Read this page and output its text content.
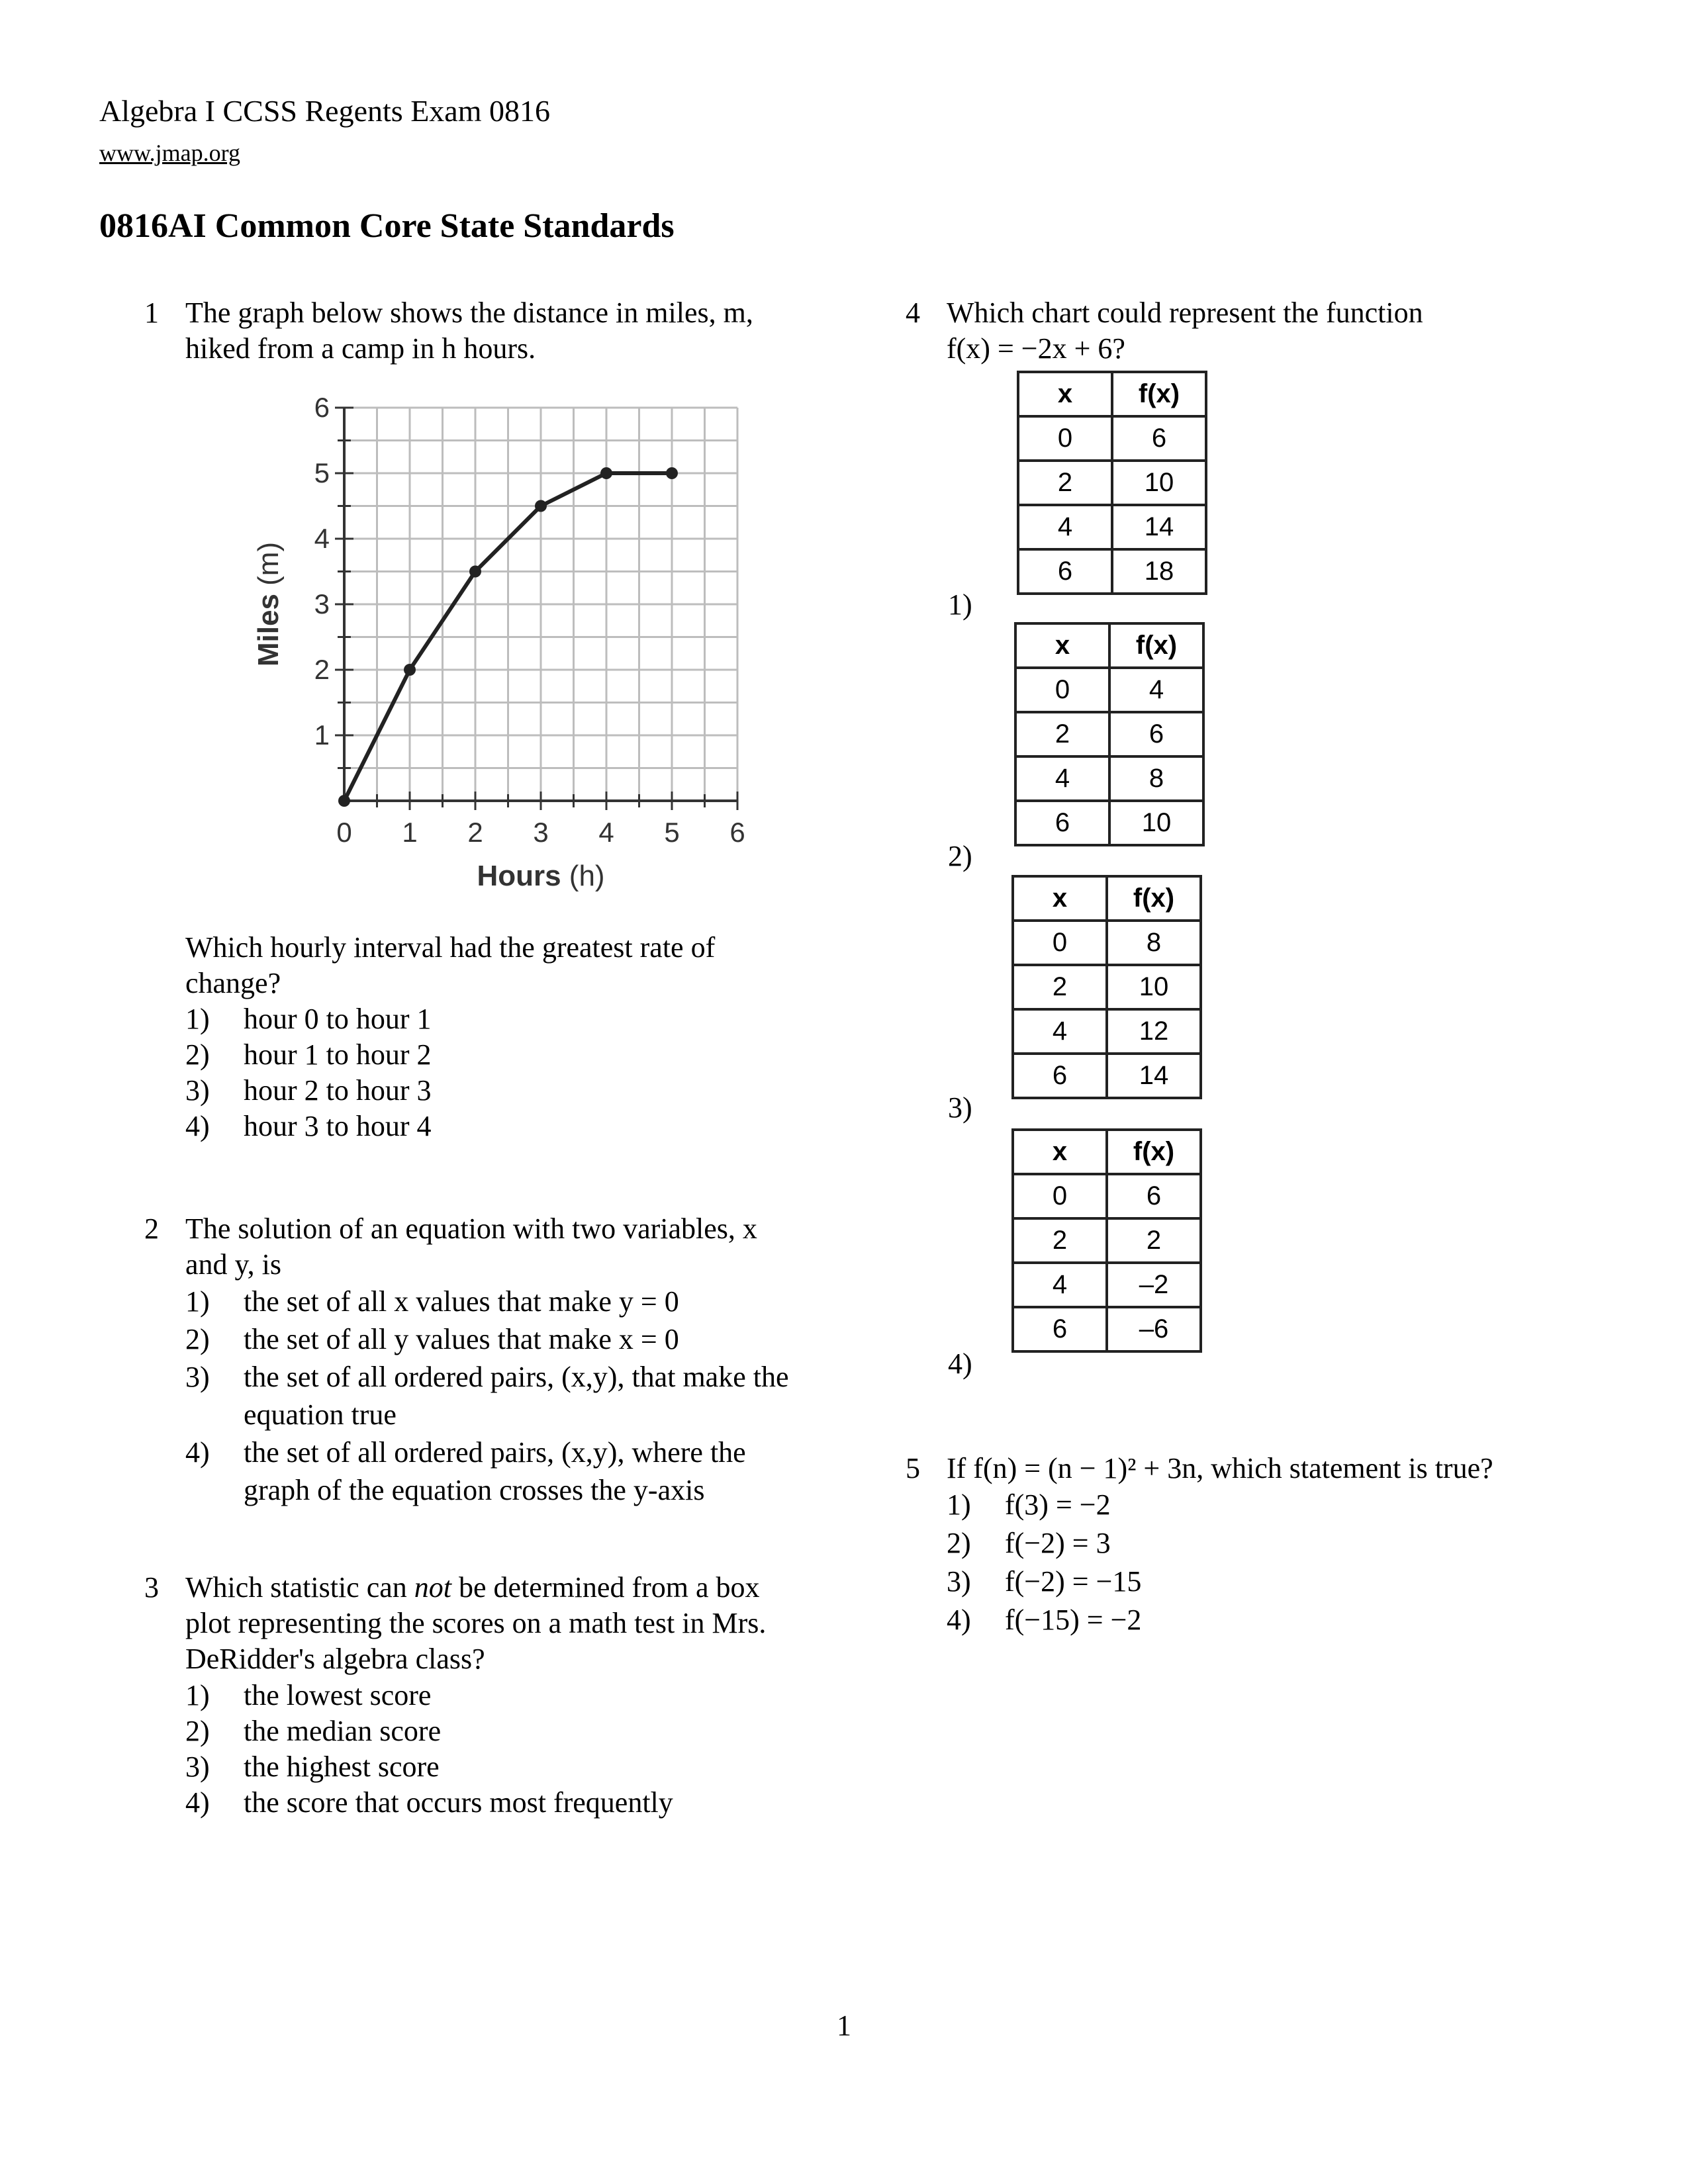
Algebra I CCSS Regents Exam 0816
www.jmap.org
0816AI Common Core State Standards
1 The graph below shows the distance in miles, m,
hiked from a camp in h hours.
0 1 2 3 4 5 6
1
2
3
4
5
6
Hours (h)
Miles (m)
Which hourly interval had the greatest rate of
change?
1) hour 0 to hour 1
2) hour 1 to hour 2
3) hour 2 to hour 3
4) hour 3 to hour 4
2 The solution of an equation with two variables, x
and y, is
1) the set of all x values that make y = 0
2) the set of all y values that make x = 0
3) the set of all ordered pairs, (x,y), that make the
equation true
4) the set of all ordered pairs, (x,y), where the
graph of the equation crosses the y-axis
3 Which statistic can not be determined from a box
plot representing the scores on a math test in Mrs.
DeRidder's algebra class?
1) the lowest score
2) the median score
3) the highest score
4) the score that occurs most frequently
4 Which chart could represent the function
f(x) = −2x + 6?
1)
x	f(x)
0	6
2	10
4	14
6	18
2)
x	f(x)
0	4
2	6
4	8
6	10
3)
x	f(x)
0	8
2	10
4	12
6	14
4)
x	f(x)
0	6
2	2
4	–2
6	–6
5 If f(n) = (n − 1)² + 3n, which statement is true?
1) f(3) = −2
2) f(−2) = 3
3) f(−2) = −15
4) f(−15) = −2
1
